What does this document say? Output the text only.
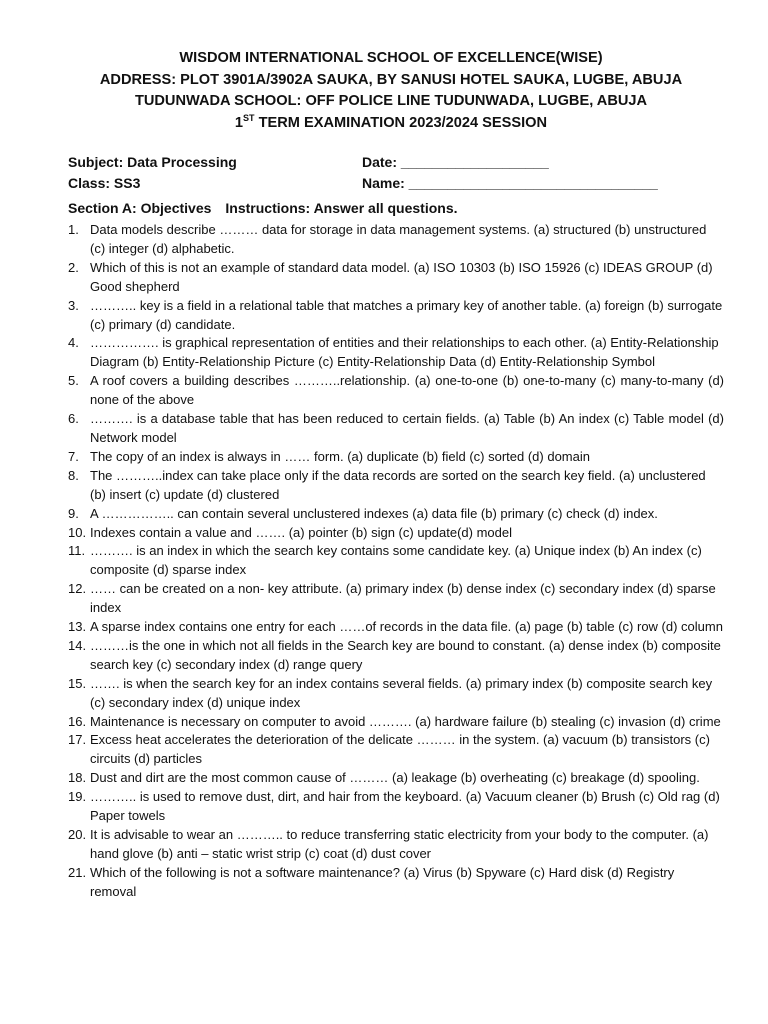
WISDOM INTERNATIONAL SCHOOL OF EXCELLENCE(WISE)
ADDRESS: PLOT 3901A/3902A SAUKA, BY SANUSI HOTEL SAUKA, LUGBE, ABUJA
TUDUNWADA SCHOOL: OFF POLICE LINE TUDUNWADA, LUGBE, ABUJA
1ST TERM EXAMINATION 2023/2024 SESSION
Subject: Data Processing	Date: ___________________
Class: SS3	Name: ________________________________
Section A: Objectives Instructions: Answer all questions.
1. Data models describe ……… data for storage in data management systems. (a) structured (b) unstructured (c) integer (d) alphabetic.
2. Which of this is not an example of standard data model. (a) ISO 10303 (b) ISO 15926 (c) IDEAS GROUP (d) Good shepherd
3. ……….. key is a field in a relational table that matches a primary key of another table. (a) foreign (b) surrogate (c) primary (d) candidate.
4. ……………. is graphical representation of entities and their relationships to each other. (a) Entity-Relationship Diagram (b) Entity-Relationship Picture (c) Entity-Relationship Data (d) Entity-Relationship Symbol
5. A roof covers a building describes ………..relationship. (a) one-to-one (b) one-to-many (c) many-to-many (d) none of the above
6. ………. is a database table that has been reduced to certain fields. (a) Table (b) An index (c) Table model (d) Network model
7. The copy of an index is always in …… form. (a) duplicate (b) field (c) sorted (d) domain
8. The ………..index can take place only if the data records are sorted on the search key field. (a) unclustered (b) insert (c) update (d) clustered
9. A …………….. can contain several unclustered indexes (a) data file (b) primary (c) check (d) index.
10. Indexes contain a value and ……. (a) pointer (b) sign (c) update(d) model
11. ………. is an index in which the search key contains some candidate key. (a) Unique index (b) An index (c) composite (d) sparse index
12. …… can be created on a non- key attribute. (a) primary index (b) dense index (c) secondary index (d) sparse index
13. A sparse index contains one entry for each ……of records in the data file. (a) page (b) table (c) row (d) column
14. ………is the one in which not all fields in the Search key are bound to constant. (a) dense index (b) composite search key (c) secondary index (d) range query
15. ……. is when the search key for an index contains several fields. (a) primary index (b) composite search key (c) secondary index (d) unique index
16. Maintenance is necessary on computer to avoid ………. (a) hardware failure (b) stealing (c) invasion (d) crime
17. Excess heat accelerates the deterioration of the delicate ……… in the system. (a) vacuum (b) transistors (c) circuits (d) particles
18. Dust and dirt are the most common cause of ……… (a) leakage (b) overheating (c) breakage (d) spooling.
19. ……….. is used to remove dust, dirt, and hair from the keyboard. (a) Vacuum cleaner (b) Brush (c) Old rag (d) Paper towels
20. It is advisable to wear an ……….. to reduce transferring static electricity from your body to the computer. (a) hand glove (b) anti – static wrist strip (c) coat (d) dust cover
21. Which of the following is not a software maintenance? (a) Virus (b) Spyware (c) Hard disk (d) Registry removal
